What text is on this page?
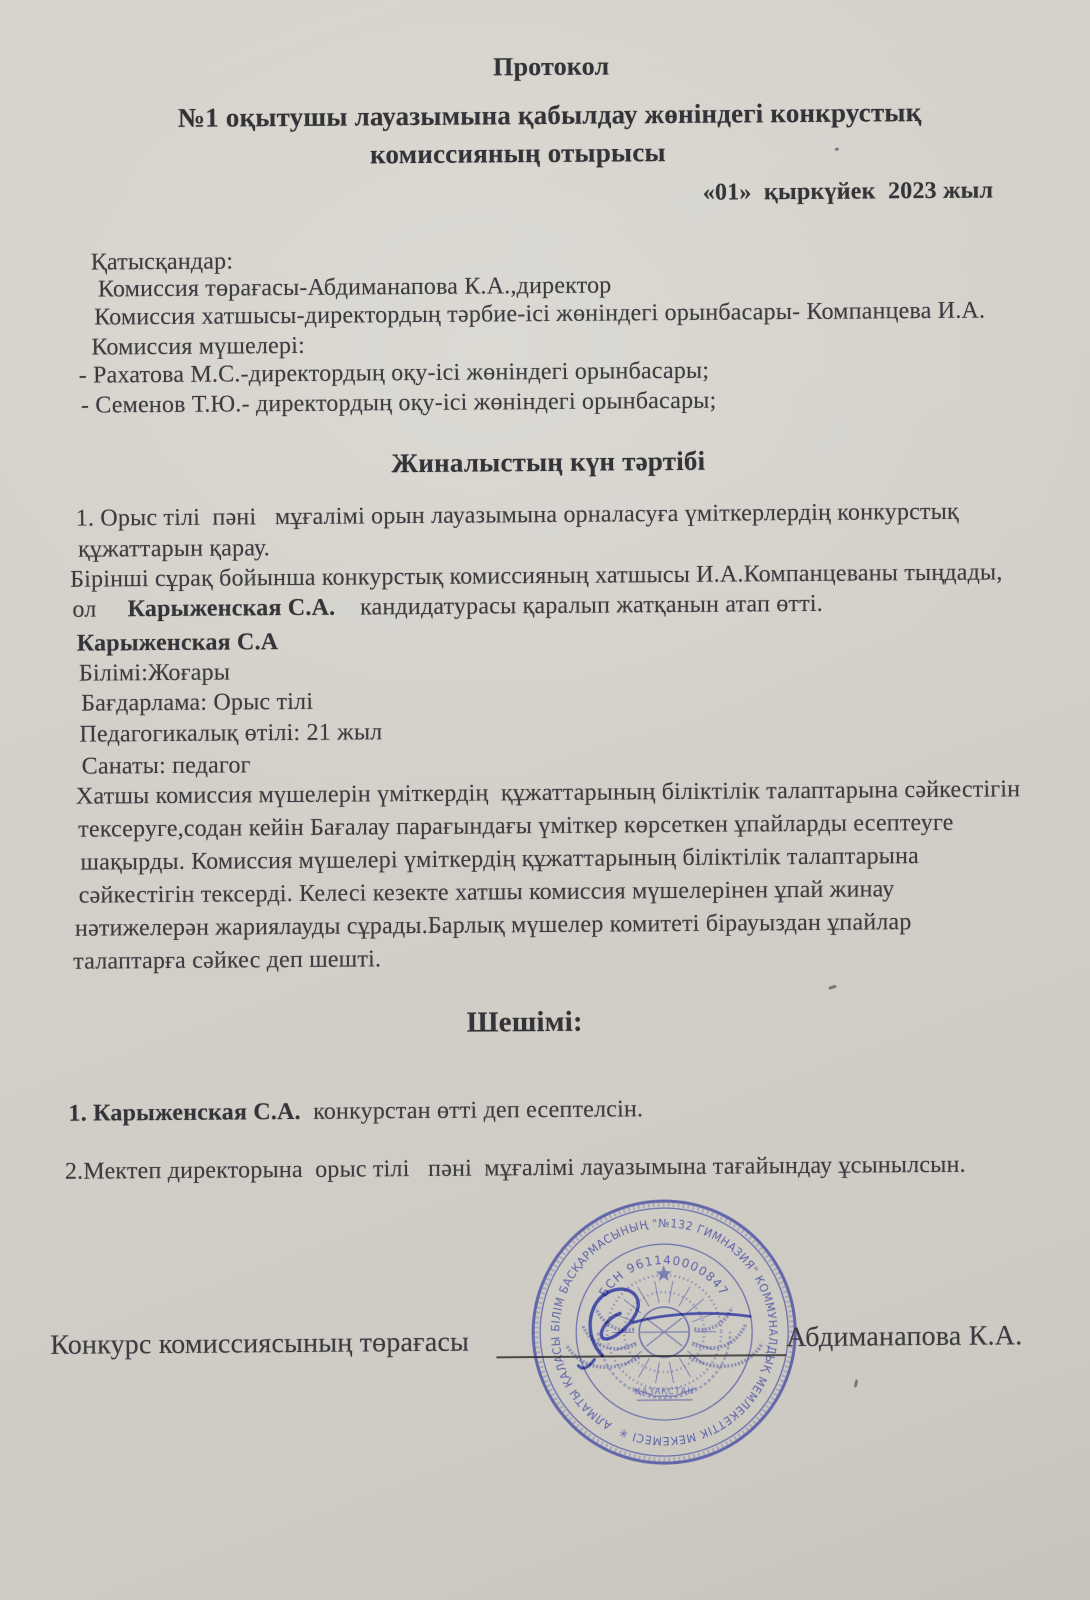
Протокол
№1 оқытушы лауазымына қабылдау жөніндегі конкрустық
комиссияның отырысы
«01»  қыркүйек  2023 жыл
Қатысқандар:
Комиссия төрағасы-Абдиманапова К.А.,директор
Комиссия хатшысы-директордың тәрбие-ісі жөніндегі орынбасары- Компанцева И.А.
Комиссия мүшелері:
- Рахатова М.С.-директордың оқу-ісі жөніндегі орынбасары;
- Семенов Т.Ю.- директордың оқу-ісі жөніндегі орынбасары;
Жиналыстың күн тәртібі
1. Орыс тілі  пәні   мұғалімі орын лауазымына орналасуға үміткерлердің конкурстық
құжаттарын қарау.
Бірінші сұрақ бойынша конкурстық комиссияның хатшысы И.А.Компанцеваны тыңдады,
ол     Карыженская С.А.    кандидатурасы қаралып жатқанын атап өтті.
Карыженская С.А
Білімі:Жоғары
Бағдарлама: Орыс тілі
Педагогикалық өтілі: 21 жыл
Санаты: педагог
Хатшы комиссия мүшелерін үміткердің  құжаттарының біліктілік талаптарына сәйкестігін
тексеруге,содан кейін Бағалау парағындағы үміткер көрсеткен ұпайларды есептеуге
шақырды. Комиссия мүшелері үміткердің құжаттарының біліктілік талаптарына
сәйкестігін тексерді. Келесі кезекте хатшы комиссия мүшелерінен ұпай жинау
нәтижелерән жариялауды сұрады.Барлық мүшелер комитеті бірауыздан ұпайлар
талаптарға сәйкес деп шешті.
Шешімі:
1. Карыженская С.А.  конкурстан өтті деп есептелсін.
2.Мектеп директорына  орыс тілі   пәні  мұғалімі лауазымына тағайындау ұсынылсын.
АЛМАТЫ ҚАЛАСЫ БІЛІМ БАСҚАРМАСЫНЫҢ "№132 ГИМНАЗИЯ" КОММУНАЛДЫҚ МЕМЛЕКЕТТІК МЕКЕМЕСІ ✳
БСН 961140000847
ҚАЗАҚСТАН
Конкурс комиссиясының төрағасы	Абдиманапова К.А.
